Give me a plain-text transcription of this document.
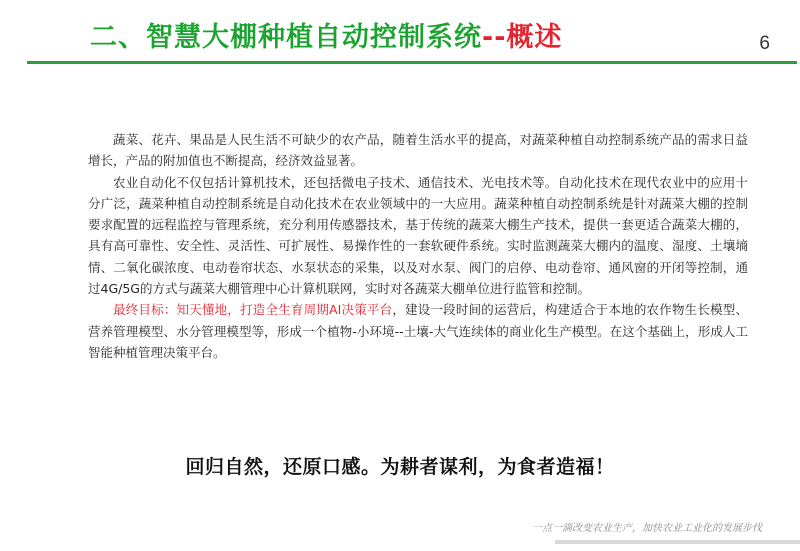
二、智慧大棚种植自动控制系统--概述	6

蔬菜、花卉、果品是人民生活不可缺少的农产品，随着生活水平的提高，对蔬菜种植自动控制系统产品的需求日益增长，产品的附加值也不断提高，经济效益显著。

农业自动化不仅包括计算机技术，还包括微电子技术、通信技术、光电技术等。自动化技术在现代农业中的应用十分广泛，蔬菜种植自动控制系统是自动化技术在农业领域中的一大应用。蔬菜种植自动控制系统是针对蔬菜大棚的控制要求配置的远程监控与管理系统，充分利用传感器技术，基于传统的蔬菜大棚生产技术，提供一套更适合蔬菜大棚的，具有高可靠性、安全性、灵活性、可扩展性、易操作性的一套软硬件系统。实时监测蔬菜大棚内的温度、湿度、土壤墒情、二氧化碳浓度、电动卷帘状态、水泵状态的采集，以及对水泵、阀门的启停、电动卷帘、通风窗的开闭等控制，通过4G/5G的方式与蔬菜大棚管理中心计算机联网，实时对各蔬菜大棚单位进行监管和控制。

最终目标：知天懂地，打造全生育周期AI决策平台，建设一段时间的运营后，构建适合于本地的农作物生长模型、营养管理模型、水分管理模型等，形成一个植物-小环境--土壤-大气连续体的商业化生产模型。在这个基础上，形成人工智能种植管理决策平台。

回归自然，还原口感。为耕者谋利，为食者造福！
一点一滴改变农业生产，加快农业工业化的发展步伐
